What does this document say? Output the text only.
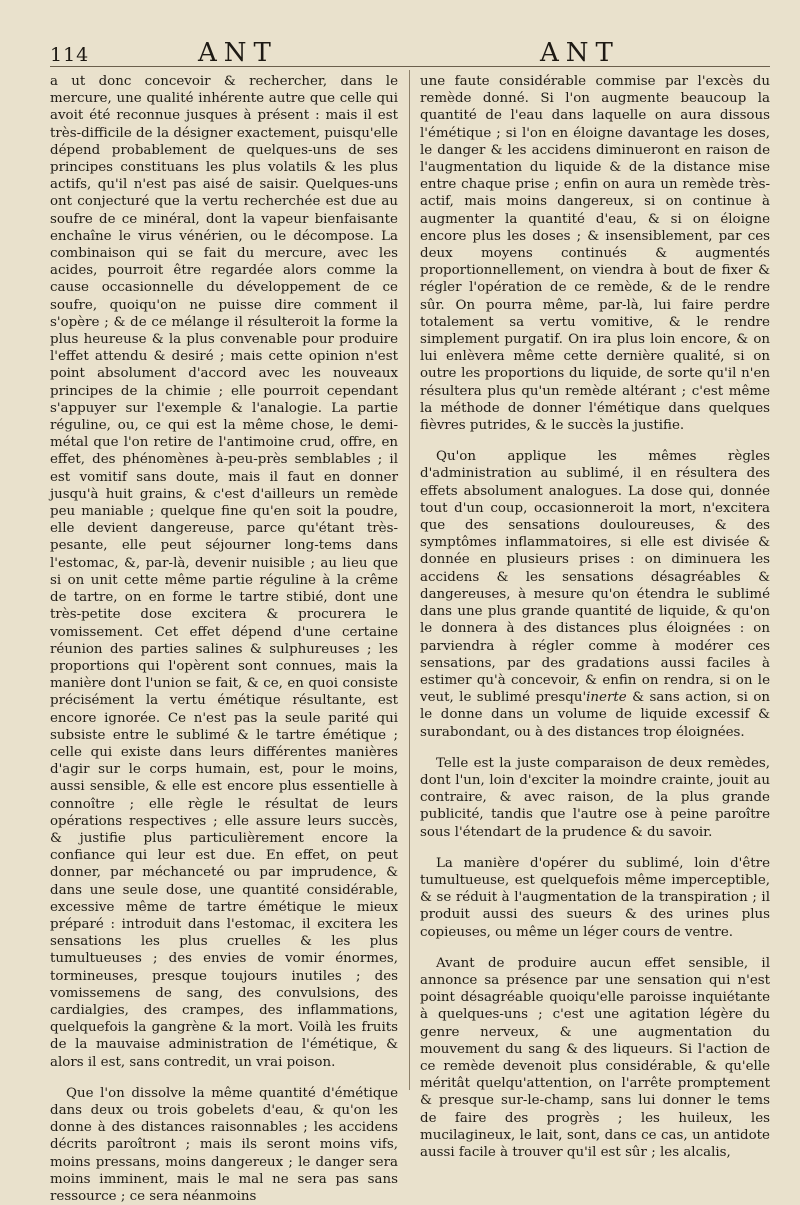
114	ANT	ANT

a ut donc concevoir & rechercher, dans le mercure, une qualité inhérente autre que celle qui avoit été reconnue jusques à présent : mais il est très-difficile de la désigner exactement, puisqu'elle dépend probablement de quelques-uns de ses principes constituans les plus volatils & les plus actifs, qu'il n'est pas aisé de saisir. Quelques-uns ont conjecturé que la vertu recherchée est due au soufre de ce minéral, dont la vapeur bienfaisante enchaîne le virus vénérien, ou le décompose. La combinaison qui se fait du mercure, avec les acides, pourroit être regardée alors comme la cause occasionnelle du développement de ce soufre, quoiqu'on ne puisse dire comment il s'opère ; & de ce mélange il résulteroit la forme la plus heureuse & la plus convenable pour produire l'effet attendu & desiré ; mais cette opinion n'est point absolument d'accord avec les nouveaux principes de la chimie ; elle pourroit cependant s'appuyer sur l'exemple & l'analogie. La partie réguline, ou, ce qui est la même chose, le demi-métal que l'on retire de l'antimoine crud, offre, en effet, des phénomènes à-peu-près semblables ; il est vomitif sans doute, mais il faut en donner jusqu'à huit grains, & c'est d'ailleurs un remède peu maniable ; quelque fine qu'en soit la poudre, elle devient dangereuse, parce qu'étant très-pesante, elle peut séjourner long-tems dans l'estomac, &, par-là, devenir nuisible ; au lieu que si on unit cette même partie réguline à la crême de tartre, on en forme le tartre stibié, dont une très-petite dose excitera & procurera le vomissement. Cet effet dépend d'une certaine réunion des parties salines & sulphureuses ; les proportions qui l'opèrent sont connues, mais la manière dont l'union se fait, & ce, en quoi consiste précisément la vertu émétique résultante, est encore ignorée. Ce n'est pas la seule parité qui subsiste entre le sublimé & le tartre émétique ; celle qui existe dans leurs différentes manières d'agir sur le corps humain, est, pour le moins, aussi sensible, & elle est encore plus essentielle à connoître ; elle règle le résultat de leurs opérations respectives ; elle assure leurs succès, & justifie plus particulièrement encore la confiance qui leur est due. En effet, on peut donner, par méchanceté ou par imprudence, & dans une seule dose, une quantité considérable, excessive même de tartre émétique le mieux préparé : introduit dans l'estomac, il excitera les sensations les plus cruelles & les plus tumultueuses ; des envies de vomir énormes, tormineuses, presque toujours inutiles ; des vomissemens de sang, des convulsions, des cardialgies, des crampes, des inflammations, quelquefois la gangrène & la mort. Voilà les fruits de la mauvaise administration de l'émétique, & alors il est, sans contredit, un vrai poison.

Que l'on dissolve la même quantité d'émétique dans deux ou trois gobelets d'eau, & qu'on les donne à des distances raisonnables ; les accidens décrits paroîtront ; mais ils seront moins vifs, moins pressans, moins dangereux ; le danger sera moins imminent, mais le mal ne sera pas sans ressource ; ce sera néanmoins

une faute considérable commise par l'excès du remède donné. Si l'on augmente beaucoup la quantité de l'eau dans laquelle on aura dissous l'émétique ; si l'on en éloigne davantage les doses, le danger & les accidens diminueront en raison de l'augmentation du liquide & de la distance mise entre chaque prise ; enfin on aura un remède très-actif, mais moins dangereux, si on continue à augmenter la quantité d'eau, & si on éloigne encore plus les doses ; & insensiblement, par ces deux moyens continués & augmentés proportionnellement, on viendra à bout de fixer & régler l'opération de ce remède, & de le rendre sûr. On pourra même, par-là, lui faire perdre totalement sa vertu vomitive, & le rendre simplement purgatif. On ira plus loin encore, & on lui enlèvera même cette dernière qualité, si on outre les proportions du liquide, de sorte qu'il n'en résultera plus qu'un remède altérant ; c'est même la méthode de donner l'émétique dans quelques fièvres putrides, & le succès la justifie.

Qu'on applique les mêmes règles d'administration au sublimé, il en résultera des effets absolument analogues. La dose qui, donnée tout d'un coup, occasionneroit la mort, n'excitera que des sensations douloureuses, & des symptômes inflammatoires, si elle est divisée & donnée en plusieurs prises : on diminuera les accidens & les sensations désagréables & dangereuses, à mesure qu'on étendra le sublimé dans une plus grande quantité de liquide, & qu'on le donnera à des distances plus éloignées : on parviendra à régler comme à modérer ces sensations, par des gradations aussi faciles à estimer qu'à concevoir, & enfin on rendra, si on le veut, le sublimé presqu'inerte & sans action, si on le donne dans un volume de liquide excessif & surabondant, ou à des distances trop éloignées.

Telle est la juste comparaison de deux remèdes, dont l'un, loin d'exciter la moindre crainte, jouit au contraire, & avec raison, de la plus grande publicité, tandis que l'autre ose à peine paroître sous l'étendart de la prudence & du savoir.

La manière d'opérer du sublimé, loin d'être tumultueuse, est quelquefois même imperceptible, & se réduit à l'augmentation de la transpiration ; il produit aussi des sueurs & des urines plus copieuses, ou même un léger cours de ventre.

Avant de produire aucun effet sensible, il annonce sa présence par une sensation qui n'est point désagréable quoiqu'elle paroisse inquiétante à quelques-uns ; c'est une agitation légère du genre nerveux, & une augmentation du mouvement du sang & des liqueurs. Si l'action de ce remède devenoit plus considérable, & qu'elle méritât quelqu'attention, on l'arrête promptement & presque sur-le-champ, sans lui donner le tems de faire des progrès ; les huileux, les mucilagineux, le lait, sont, dans ce cas, un antidote aussi facile à trouver qu'il est sûr ; les alcalis,
